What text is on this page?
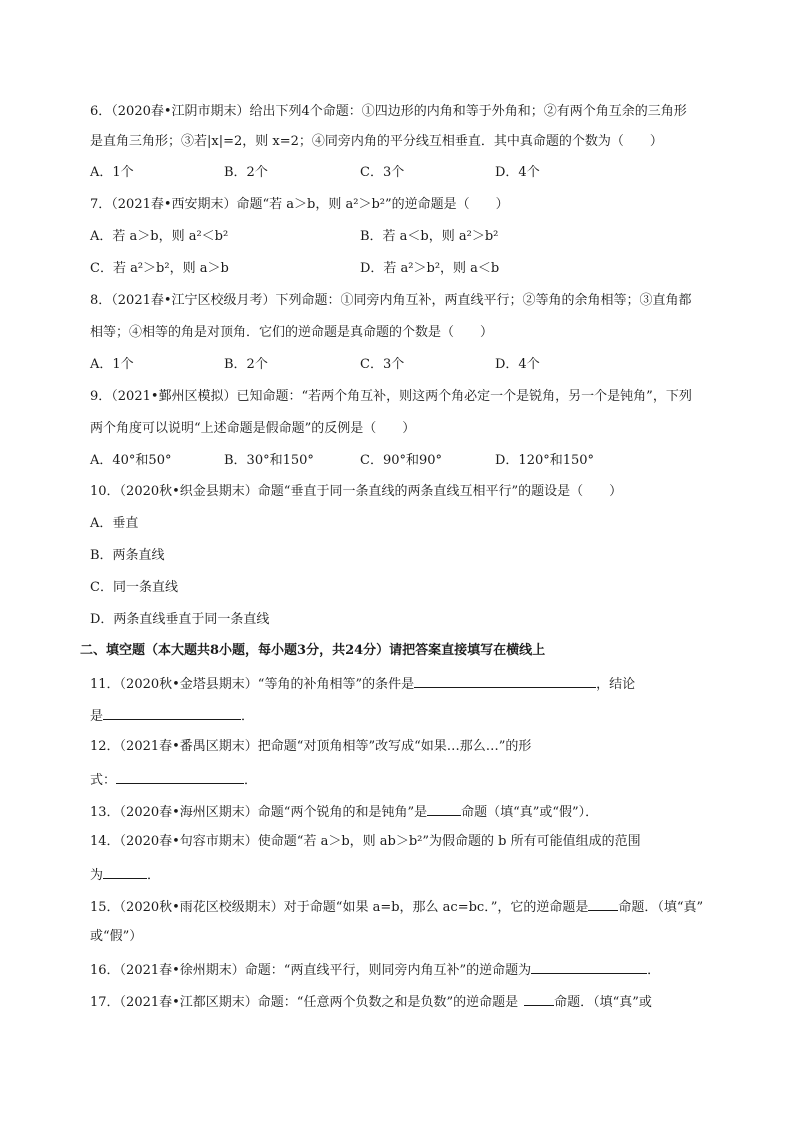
6．（2020春•江阴市期末）给出下列4个命题：①四边形的内角和等于外角和；②有两个角互余的三角形
是直角三角形；③若|x|=2，则 x=2；④同旁内角的平分线互相垂直．其中真命题的个数为（　　）
A．1个	B．2个	C．3个	D．4个
7．（2021春•西安期末）命题“若 a＞b，则 a²＞b²”的逆命题是（　　）
A．若 a＞b，则 a²＜b²	B．若 a＜b，则 a²＞b²
C．若 a²＞b²，则 a＞b	D．若 a²＞b²，则 a＜b
8．（2021春•江宁区校级月考）下列命题：①同旁内角互补，两直线平行；②等角的余角相等；③直角都
相等；④相等的角是对顶角．它们的逆命题是真命题的个数是（　　）
A．1个	B．2个	C．3个	D．4个
9．（2021•鄞州区模拟）已知命题：“若两个角互补，则这两个角必定一个是锐角，另一个是钝角”，下列
两个角度可以说明“上述命题是假命题”的反例是（　　）
A．40°和50°	B．30°和150°	C．90°和90°	D．120°和150°
10．（2020秋•织金县期末）命题“垂直于同一条直线的两条直线互相平行”的题设是（　　）
A．垂直
B．两条直线
C．同一条直线
D．两条直线垂直于同一条直线
二、填空题（本大题共8小题，每小题3分，共24分）请把答案直接填写在横线上
11．（2020秋•金塔县期末）“等角的补角相等”的条件是	，结论
是	．
12．（2021春•番禺区期末）把命题“对顶角相等”改写成“如果…那么…”的形
式：	．
13．（2020春•海州区期末）命题“两个锐角的和是钝角”是	命题（填“真”或“假”）．
14．（2020春•句容市期末）使命题“若 a＞b，则 ab＞b²”为假命题的 b 所有可能值组成的范围
为	．
15．（2020秋•雨花区校级期末）对于命题“如果 a=b，那么 ac=bc．”，它的逆命题是 命题．（填“真”
或“假”）
16．（2021春•徐州期末）命题：“两直线平行，则同旁内角互补”的逆命题为	．
17．（2021春•江都区期末）命题：“任意两个负数之和是负数”的逆命题是	命题．（填“真”或
